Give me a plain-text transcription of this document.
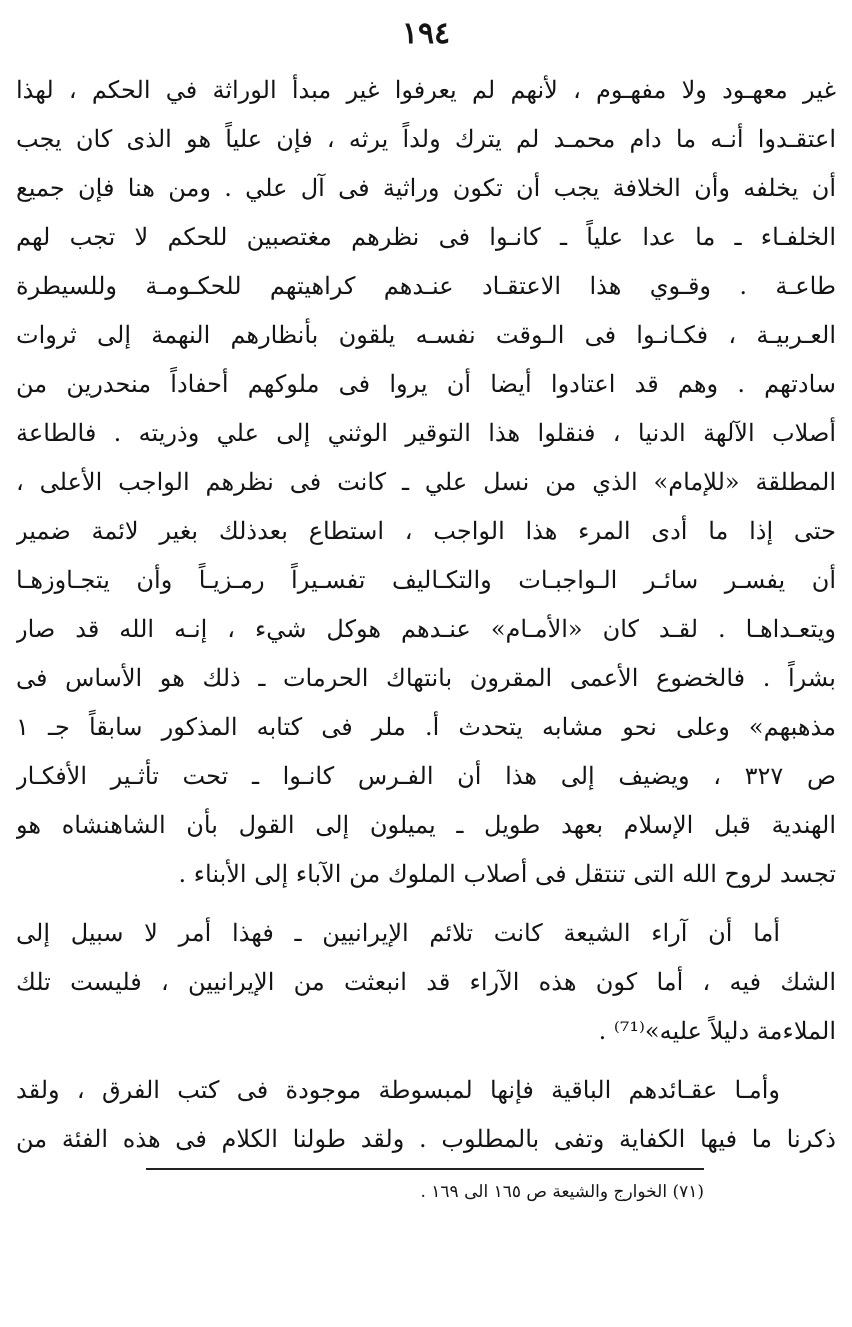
١٩٤
غير معهـود ولا مفهـوم ، لأنهم لم يعرفوا غير مبدأ الوراثة في الحكم ، لهذا
اعتقـدوا أنـه ما دام محمـد لم يترك ولداً يرثه ، فإن علياً هو الذى كان يجب
أن يخلفه وأن الخلافة يجب أن تكون وراثية فى آل علي . ومن هنا فإن جميع
الخلفـاء ـ ما عدا علياً ـ كانـوا فى نظرهم مغتصبين للحكم لا تجب لهم
طاعـة . وقـوي هذا الاعتقـاد عنـدهم كراهيتهم للحكـومـة وللسيطرة
العـربيـة ، فكـانـوا فى الـوقت نفسـه يلقون بأنظارهم النهمة إلى ثروات
سادتهم . وهم قد اعتادوا أيضا أن يروا فى ملوكهم أحفاداً منحدرين من
أصلاب الآلهة الدنيا ، فنقلوا هذا التوقير الوثني إلى علي وذريته . فالطاعة
المطلقة «للإمام» الذي من نسل علي ـ كانت فى نظرهم الواجب الأعلى ،
حتى إذا ما أدى المرء هذا الواجب ، استطاع بعدذلك بغير لائمة ضمير
أن يفسـر سائـر الـواجبـات والتكـاليف تفسـيراً رمـزيـاً وأن يتجـاوزهـا
ويتعـداهـا . لقـد كان «الأمـام» عنـدهم هوكل شيء ، إنـه الله قد صار
بشراً . فالخضوع الأعمى المقرون بانتهاك الحرمات ـ ذلك هو الأساس فى
مذهبهم» وعلى نحو مشابه يتحدث أ. ملر فى كتابه المذكور سابقاً جـ ١
ص ٣٢٧ ، ويضيف إلى هذا أن الفـرس كانـوا ـ تحت تأثـير الأفكـار
الهندية قبل الإسلام بعهد طويل ـ يميلون إلى القول بأن الشاهنشاه هو
تجسد لروح الله التى تنتقل فى أصلاب الملوك من الآباء إلى الأبناء .
أما أن آراء الشيعة كانت تلائم الإيرانيين ـ فهذا أمر لا سبيل إلى
الشك فيه ، أما كون هذه الآراء قد انبعثت من الإيرانيين ، فليست تلك
الملاءمة دليلاً عليه»⁽⁷¹⁾ .
وأمـا عقـائدهم الباقية فإنها لمبسوطة موجودة فى كتب الفرق ، ولقد
ذكرنا ما فيها الكفاية وتفى بالمطلوب . ولقد طولنا الكلام فى هذه الفئة من
(٧١) الخوارج والشيعة ص ١٦٥ الى ١٦٩ .
